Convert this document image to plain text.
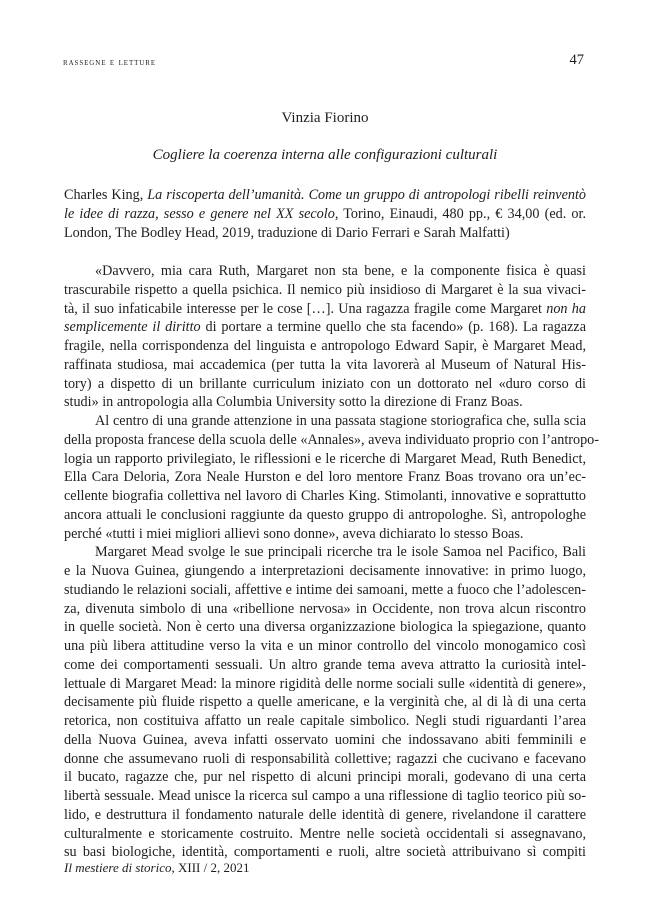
rassegne e letture	47
Vinzia Fiorino
Cogliere la coerenza interna alle configurazioni culturali
Charles King, La riscoperta dell’umanità. Come un gruppo di antropologi ribelli reinventò
le idee di razza, sesso e genere nel XX secolo, Torino, Einaudi, 480 pp., € 34,00 (ed. or.
London, The Bodley Head, 2019, traduzione di Dario Ferrari e Sarah Malfatti)
«Davvero, mia cara Ruth, Margaret non sta bene, e la componente fisica è quasi
trascurabile rispetto a quella psichica. Il nemico più insidioso di Margaret è la sua vivaci-
tà, il suo infaticabile interesse per le cose […]. Una ragazza fragile come Margaret non ha
semplicemente il diritto di portare a termine quello che sta facendo» (p. 168). La ragazza
fragile, nella corrispondenza del linguista e antropologo Edward Sapir, è Margaret Mead,
raffinata studiosa, mai accademica (per tutta la vita lavorerà al Museum of Natural His-
tory) a dispetto di un brillante curriculum iniziato con un dottorato nel «duro corso di
studi» in antropologia alla Columbia University sotto la direzione di Franz Boas.
Al centro di una grande attenzione in una passata stagione storiografica che, sulla scia
della proposta francese della scuola delle «Annales», aveva individuato proprio con l’antropo-
logia un rapporto privilegiato, le riflessioni e le ricerche di Margaret Mead, Ruth Benedict,
Ella Cara Deloria, Zora Neale Hurston e del loro mentore Franz Boas trovano ora un’ec-
cellente biografia collettiva nel lavoro di Charles King. Stimolanti, innovative e soprattutto
ancora attuali le conclusioni raggiunte da questo gruppo di antropologhe. Sì, antropologhe
perché «tutti i miei migliori allievi sono donne», aveva dichiarato lo stesso Boas.
Margaret Mead svolge le sue principali ricerche tra le isole Samoa nel Pacifico, Bali
e la Nuova Guinea, giungendo a interpretazioni decisamente innovative: in primo luogo,
studiando le relazioni sociali, affettive e intime dei samoani, mette a fuoco che l’adolescen-
za, divenuta simbolo di una «ribellione nervosa» in Occidente, non trova alcun riscontro
in quelle società. Non è certo una diversa organizzazione biologica la spiegazione, quanto
una più libera attitudine verso la vita e un minor controllo del vincolo monogamico così
come dei comportamenti sessuali. Un altro grande tema aveva attratto la curiosità intel-
lettuale di Margaret Mead: la minore rigidità delle norme sociali sulle «identità di genere»,
decisamente più fluide rispetto a quelle americane, e la verginità che, al di là di una certa
retorica, non costituiva affatto un reale capitale simbolico. Negli studi riguardanti l’area
della Nuova Guinea, aveva infatti osservato uomini che indossavano abiti femminili e
donne che assumevano ruoli di responsabilità collettive; ragazzi che cucivano e facevano
il bucato, ragazze che, pur nel rispetto di alcuni principi morali, godevano di una certa
libertà sessuale. Mead unisce la ricerca sul campo a una riflessione di taglio teorico più so-
lido, e destruttura il fondamento naturale delle identità di genere, rivelandone il carattere
culturalmente e storicamente costruito. Mentre nelle società occidentali si assegnavano,
su basi biologiche, identità, comportamenti e ruoli, altre società attribuivano sì compiti
Il mestiere di storico, XIII / 2, 2021
